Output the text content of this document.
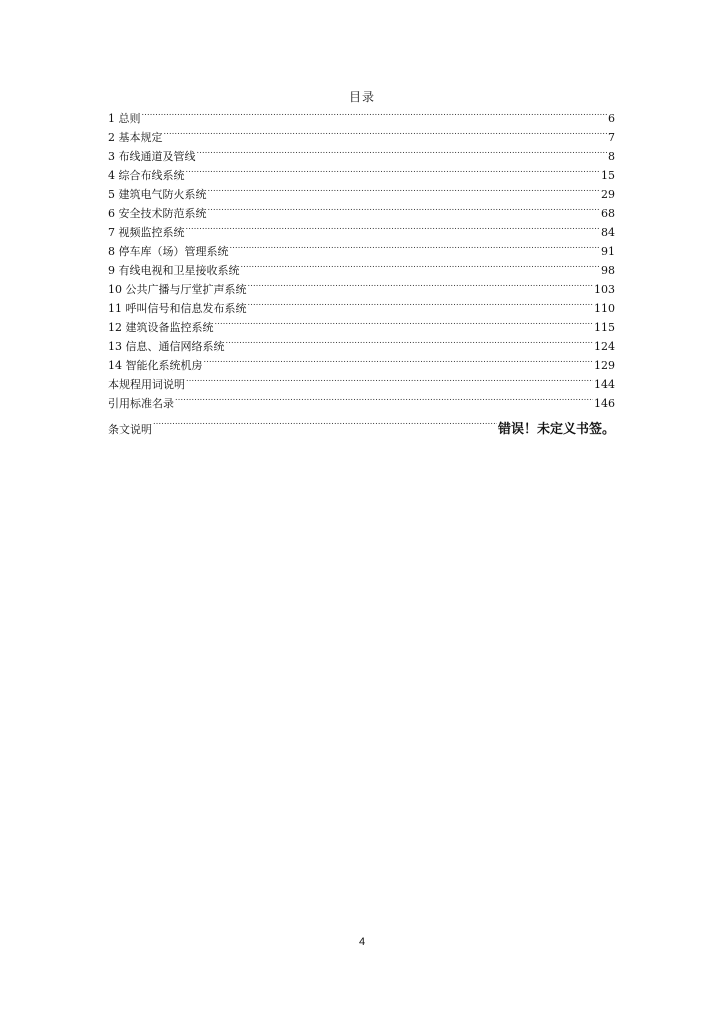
目录
1 总则 .....	6
2 基本规定 .....	7
3 布线通道及管线 .....	8
4 综合布线系统 .....	15
5 建筑电气防火系统 .....	29
6 安全技术防范系统 .....	68
7 视频监控系统 .....	84
8 停车库（场）管理系统 .....	91
9 有线电视和卫星接收系统 .....	98
10 公共广播与厅堂扩声系统 .....	103
11 呼叫信号和信息发布系统 .....	110
12 建筑设备监控系统 .....	115
13 信息、通信网络系统 .....	124
14 智能化系统机房 .....	129
本规程用词说明 .....	144
引用标准名录 .....	146
条文说明 .....	错误！未定义书签。
4
